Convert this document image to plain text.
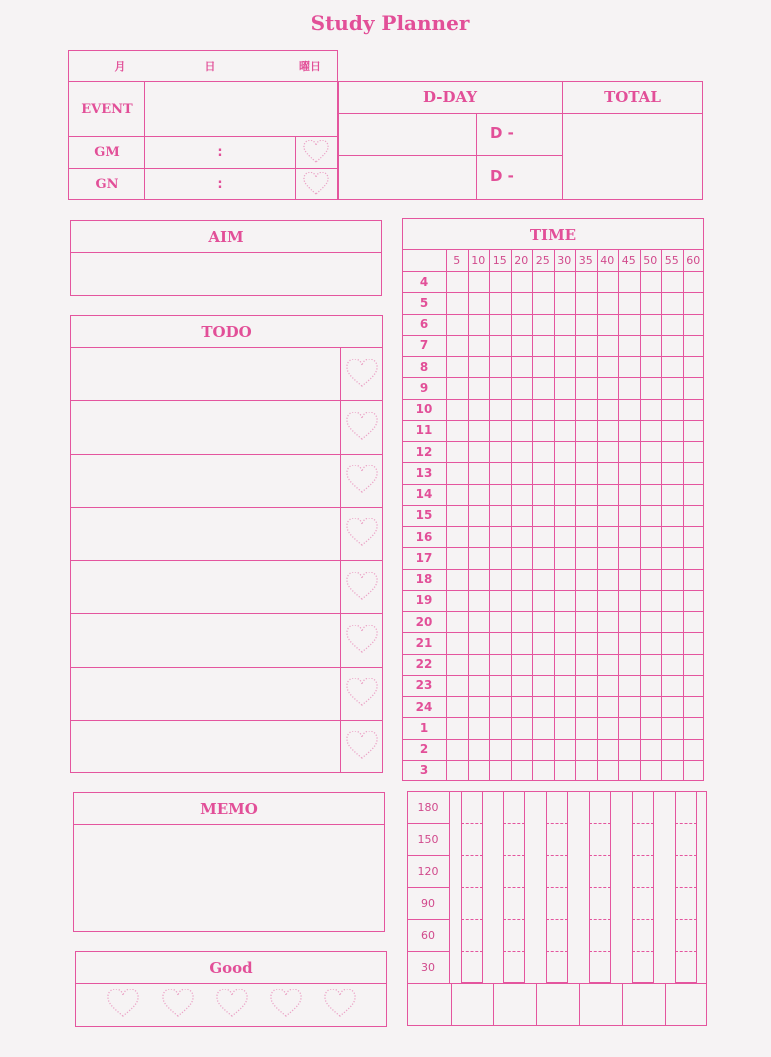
Study Planner
月	日	曜日
EVENT
GM	:
GN	:
D-DAY	TOTAL
D -
D -
AIM
TODO
MEMO
Good
TIME
5	10 15 20 25 30 35 40 45 50 55 60
4
5
6
7
8
9
10
11
12
13
14
15
16
17
18
19
20
21
22
23
24
1
2
3
180
150
120
90
60
30
